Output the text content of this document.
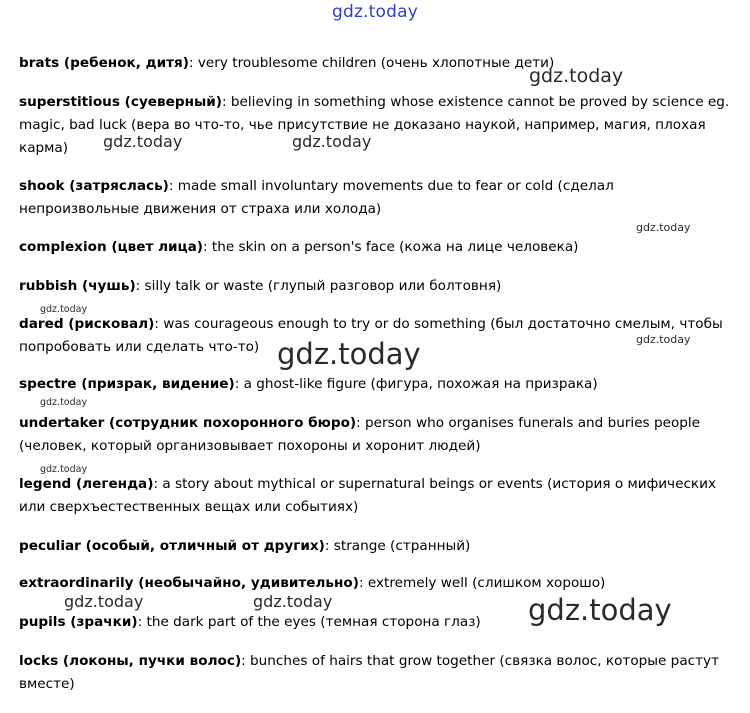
gdz.today
brats (ребенок, дитя): very troublesome children (очень хлопотные дети)
superstitious (суеверный): believing in something whose existence cannot be proved by science eg. magic, bad luck (вера во что-то, чье присутствие не доказано наукой, например, магия, плохая карма)
shook (затряслась): made small involuntary movements due to fear or cold (сделал непроизвольные движения от страха или холода)
complexion (цвет лица): the skin on a person's face (кожа на лице человека)
rubbish (чушь): silly talk or waste (глупый разговор или болтовня)
dared (рисковал): was courageous enough to try or do something (был достаточно смелым, чтобы попробовать или сделать что-то)
spectre (призрак, видение): a ghost-like figure (фигура, похожая на призрака)
undertaker (сотрудник похоронного бюро): person who organises funerals and buries people (человек, который организовывает похороны и хоронит людей)
legend (легенда): a story about mythical or supernatural beings or events (история о мифических или сверхъестественных вещах или событиях)
peculiar (особый, отличный от других): strange (странный)
extraordinarily (необычайно, удивительно): extremely well (слишком хорошо)
pupils (зрачки): the dark part of the eyes (темная сторона глаз)
locks (локоны, пучки волос): bunches of hairs that grow together (связка волос, которые растут вместе)
gdz.today
gdz.today	gdz.today
gdz.today
gdz.today
gdz.today
gdz.today
gdz.today
gdz.today
gdz.today	gdz.today	gdz.today
